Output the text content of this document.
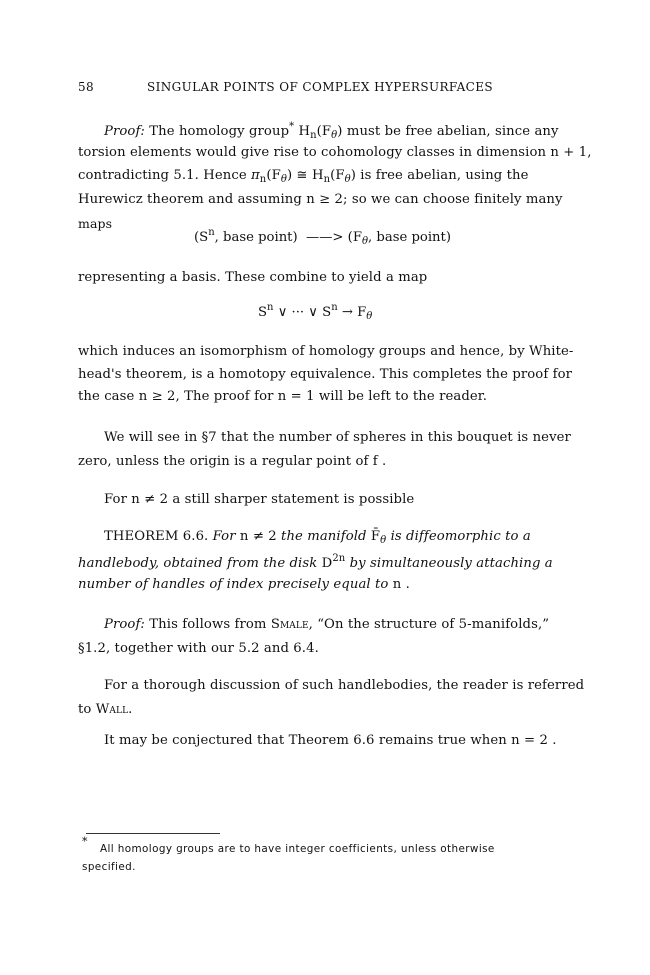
58	SINGULAR POINTS OF COMPLEX HYPERSURFACES
Proof: The homology group* $H_n(F_\theta)$ must be free abelian, since any
torsion elements would give rise to cohomology classes in dimension n + 1,
contradicting 5.1. Hence $\pi_n(F_\theta)$ ≅ $H_n(F_\theta)$ is free abelian, using the
Hurewicz theorem and assuming n ≥ 2; so we can choose finitely many
maps
($S^n$, base point) ——> ($F_\theta$, base point)
representing a basis. These combine to yield a map
$S^n$ ∨ ··· ∨ $S^n \to F_\theta$
which induces an isomorphism of homology groups and hence, by White-
head's theorem, is a homotopy equivalence. This completes the proof for
the case n ≥ 2, The proof for n = 1 will be left to the reader.
We will see in §7 that the number of spheres in this bouquet is never
zero, unless the origin is a regular point of f .
For n ≠ 2 a still sharper statement is possible
THEOREM 6.6. For n ≠ 2 the manifold $F̄_\theta$ is diffeomorphic to a
handlebody, obtained from the disk $D^{2n}$ by simultaneously attaching a
number of handles of index precisely equal to n .
Proof: This follows from Smale, “On the structure of 5-manifolds,”
§1.2, together with our 5.2 and 6.4.
For a thorough discussion of such handlebodies, the reader is referred
to Wall.
It may be conjectured that Theorem 6.6 remains true when n = 2 .
*
All homology groups are to have integer coefficients, unless otherwise
specified.
